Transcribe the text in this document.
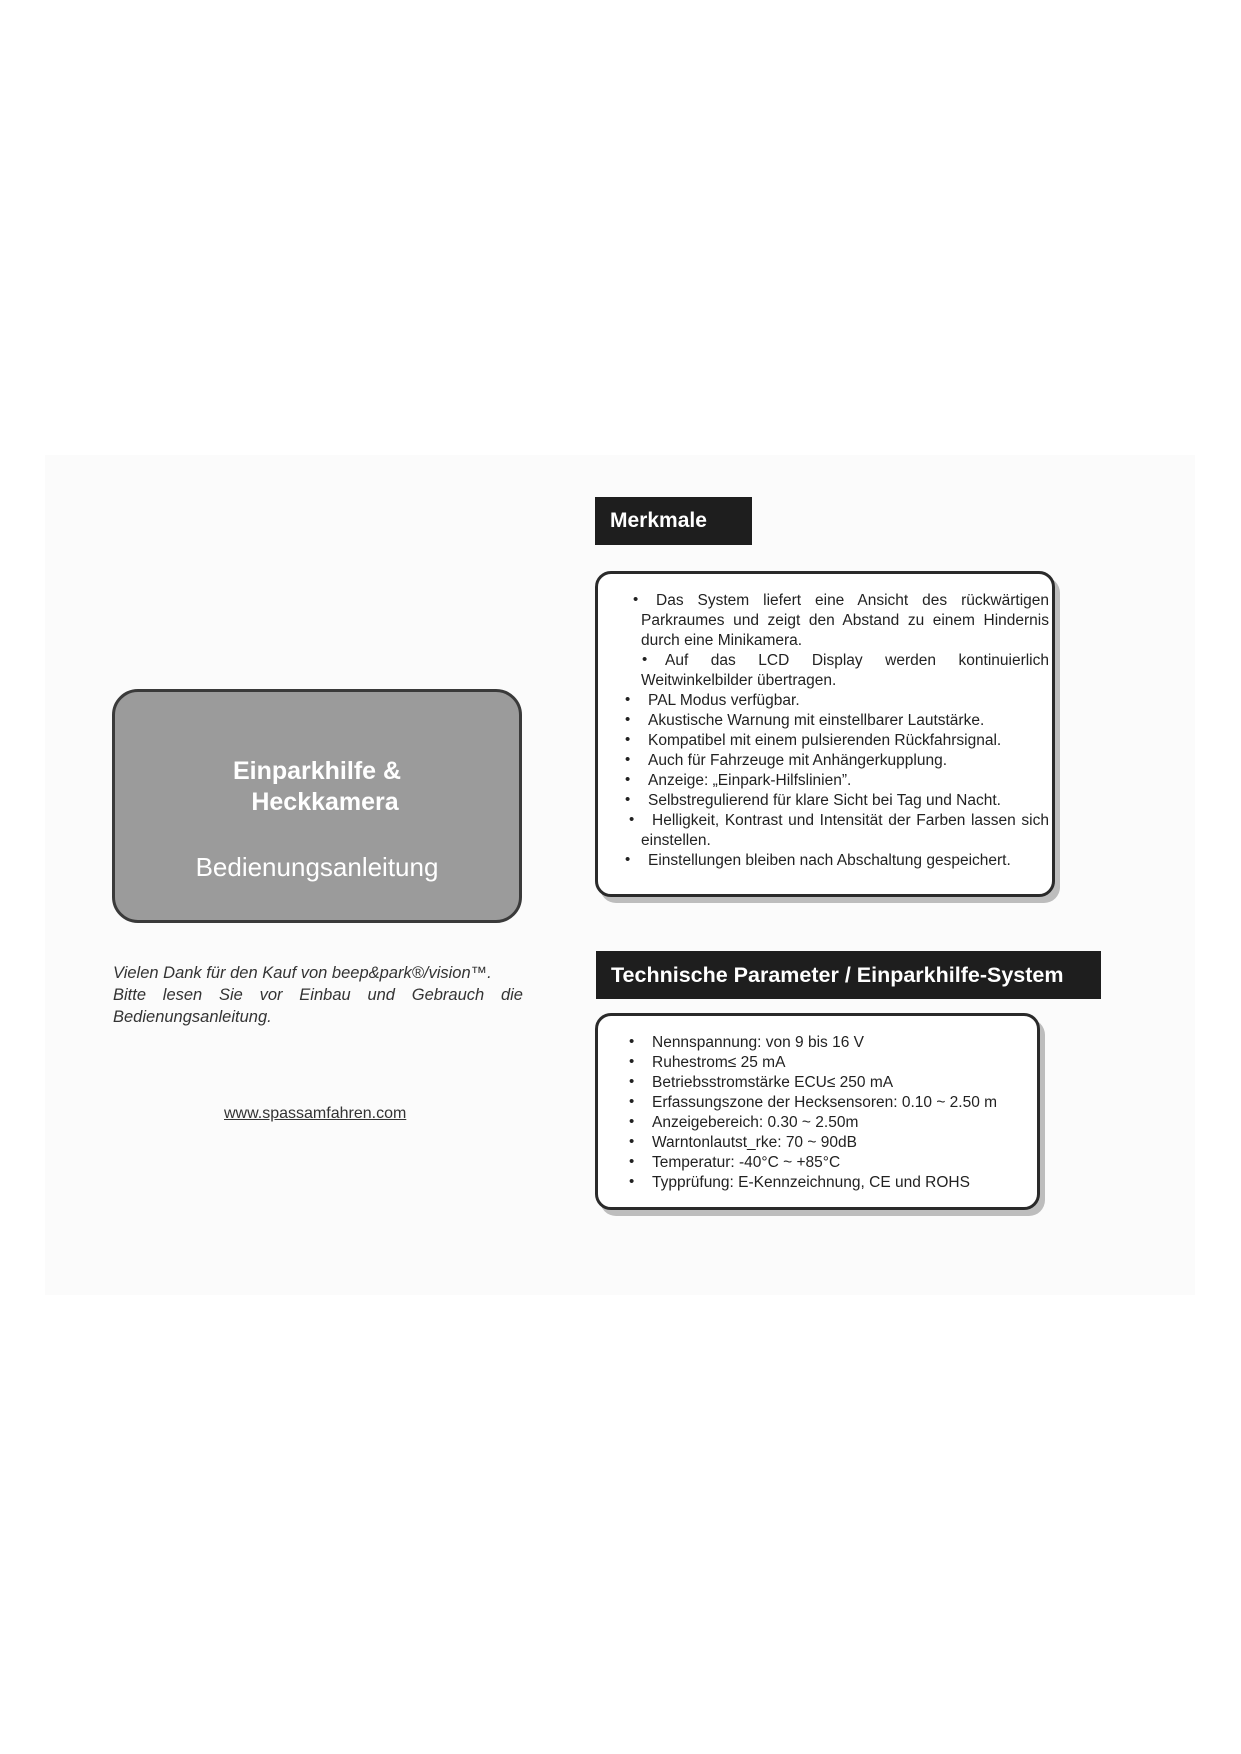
Einparkhilfe &
Heckkamera
Bedienungsanleitung
Vielen Dank für den Kauf von beep&park®/vision™.
Bitte lesen Sie vor Einbau und Gebrauch die
Bedienungsanleitung.
www.spassamfahren.com
Merkmale
• Das System liefert eine Ansicht des rückwärtigen Parkraumes und zeigt den Abstand zu einem Hindernis durch eine Minikamera.
• Auf das LCD Display werden kontinuierlich Weitwinkelbilder übertragen.
• PAL Modus verfügbar.
• Akustische Warnung mit einstellbarer Lautstärke.
• Kompatibel mit einem pulsierenden Rückfahrsignal.
• Auch für Fahrzeuge mit Anhängerkupplung.
• Anzeige: „Einpark-Hilfslinien”.
• Selbstregulierend für klare Sicht bei Tag und Nacht.
• Helligkeit, Kontrast und Intensität der Farben lassen sich einstellen.
• Einstellungen bleiben nach Abschaltung gespeichert.
Technische Parameter / Einparkhilfe-System
• Nennspannung: von 9 bis 16 V
• Ruhestrom≤ 25 mA
• Betriebsstromstärke ECU≤ 250 mA
• Erfassungszone der Hecksensoren: 0.10 ~ 2.50 m
• Anzeigebereich: 0.30 ~ 2.50m
• Warntonlautst_rke: 70 ~ 90dB
• Temperatur: -40°C ~ +85°C
• Typprüfung: E-Kennzeichnung, CE und ROHS
